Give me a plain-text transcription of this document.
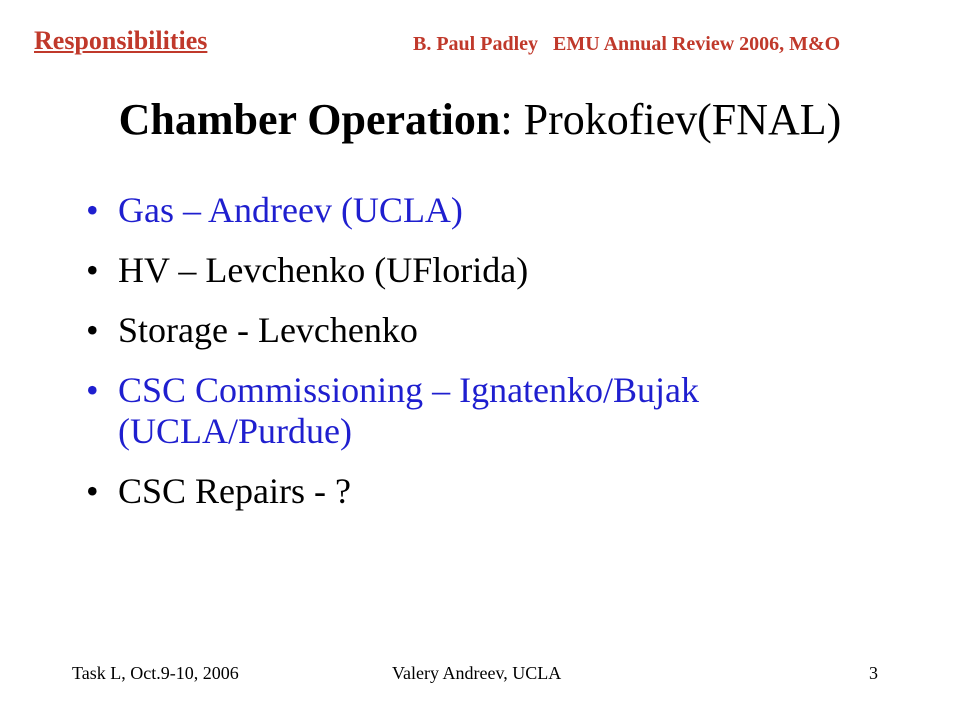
Responsibilities	B. Paul Padley EMU Annual Review 2006, M&O
Chamber Operation: Prokofiev(FNAL)
• Gas – Andreev (UCLA)
• HV – Levchenko (UFlorida)
• Storage - Levchenko
• CSC Commissioning – Ignatenko/Bujak
(UCLA/Purdue)
• CSC Repairs - ?
Task L, Oct.9-10, 2006	Valery Andreev, UCLA	3
